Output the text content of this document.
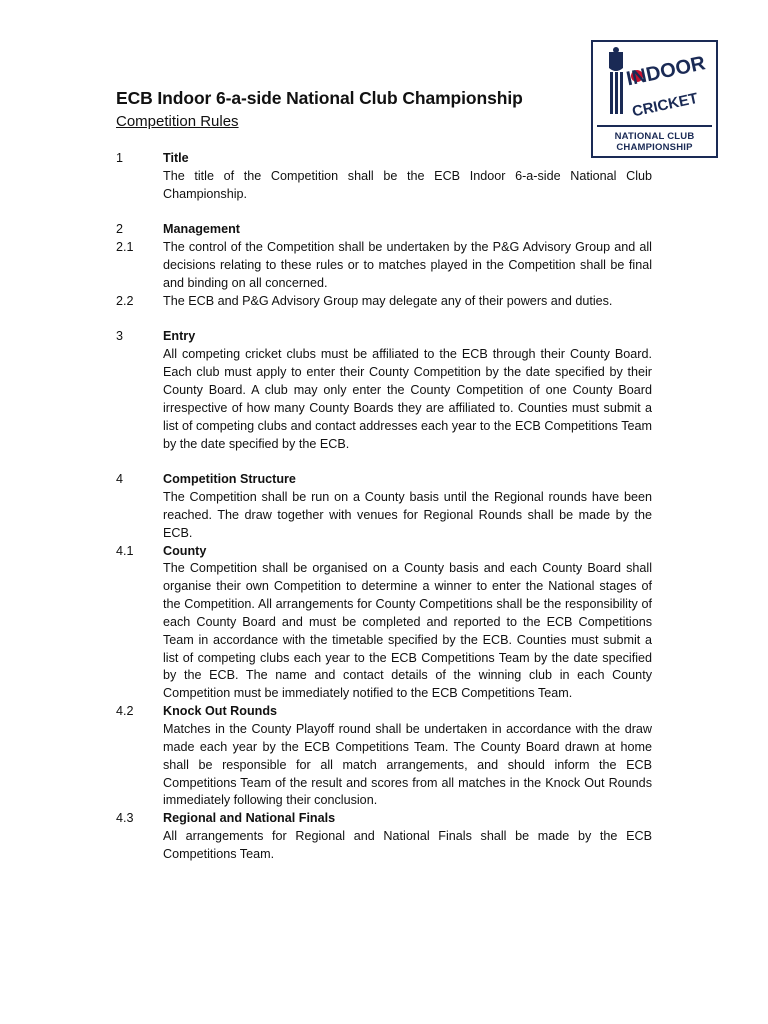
ECB Indoor 6-a-side National Club Championship
Competition Rules
INDOOR
CRICKET
NATIONAL CLUB
CHAMPIONSHIP
1	Title
The title of the Competition shall be the ECB Indoor 6-a-side National Club Championship.
2	Management
2.1	The control of the Competition shall be undertaken by the P&G Advisory Group and all decisions relating to these rules or to matches played in the Competition shall be final and binding on all concerned.
2.2	The ECB and P&G Advisory Group may delegate any of their powers and duties.
3	Entry
All competing cricket clubs must be affiliated to the ECB through their County Board. Each club must apply to enter their County Competition by the date specified by their County Board. A club may only enter the County Competition of one County Board irrespective of how many County Boards they are affiliated to. Counties must submit a list of competing clubs and contact addresses each year to the ECB Competitions Team by the date specified by the ECB.
4	Competition Structure
The Competition shall be run on a County basis until the Regional rounds have been reached. The draw together with venues for Regional Rounds shall be made by the ECB.
4.1	County
The Competition shall be organised on a County basis and each County Board shall organise their own Competition to determine a winner to enter the National stages of the Competition. All arrangements for County Competitions shall be the responsibility of each County Board and must be completed and reported to the ECB Competitions Team in accordance with the timetable specified by the ECB. Counties must submit a list of competing clubs each year to the ECB Competitions Team by the date specified by the ECB. The name and contact details of the winning club in each County Competition must be immediately notified to the ECB Competitions Team.
4.2	Knock Out Rounds
Matches in the County Playoff round shall be undertaken in accordance with the draw made each year by the ECB Competitions Team. The County Board drawn at home shall be responsible for all match arrangements, and should inform the ECB Competitions Team of the result and scores from all matches in the Knock Out Rounds immediately following their conclusion.
4.3	Regional and National Finals
All arrangements for Regional and National Finals shall be made by the ECB Competitions Team.
